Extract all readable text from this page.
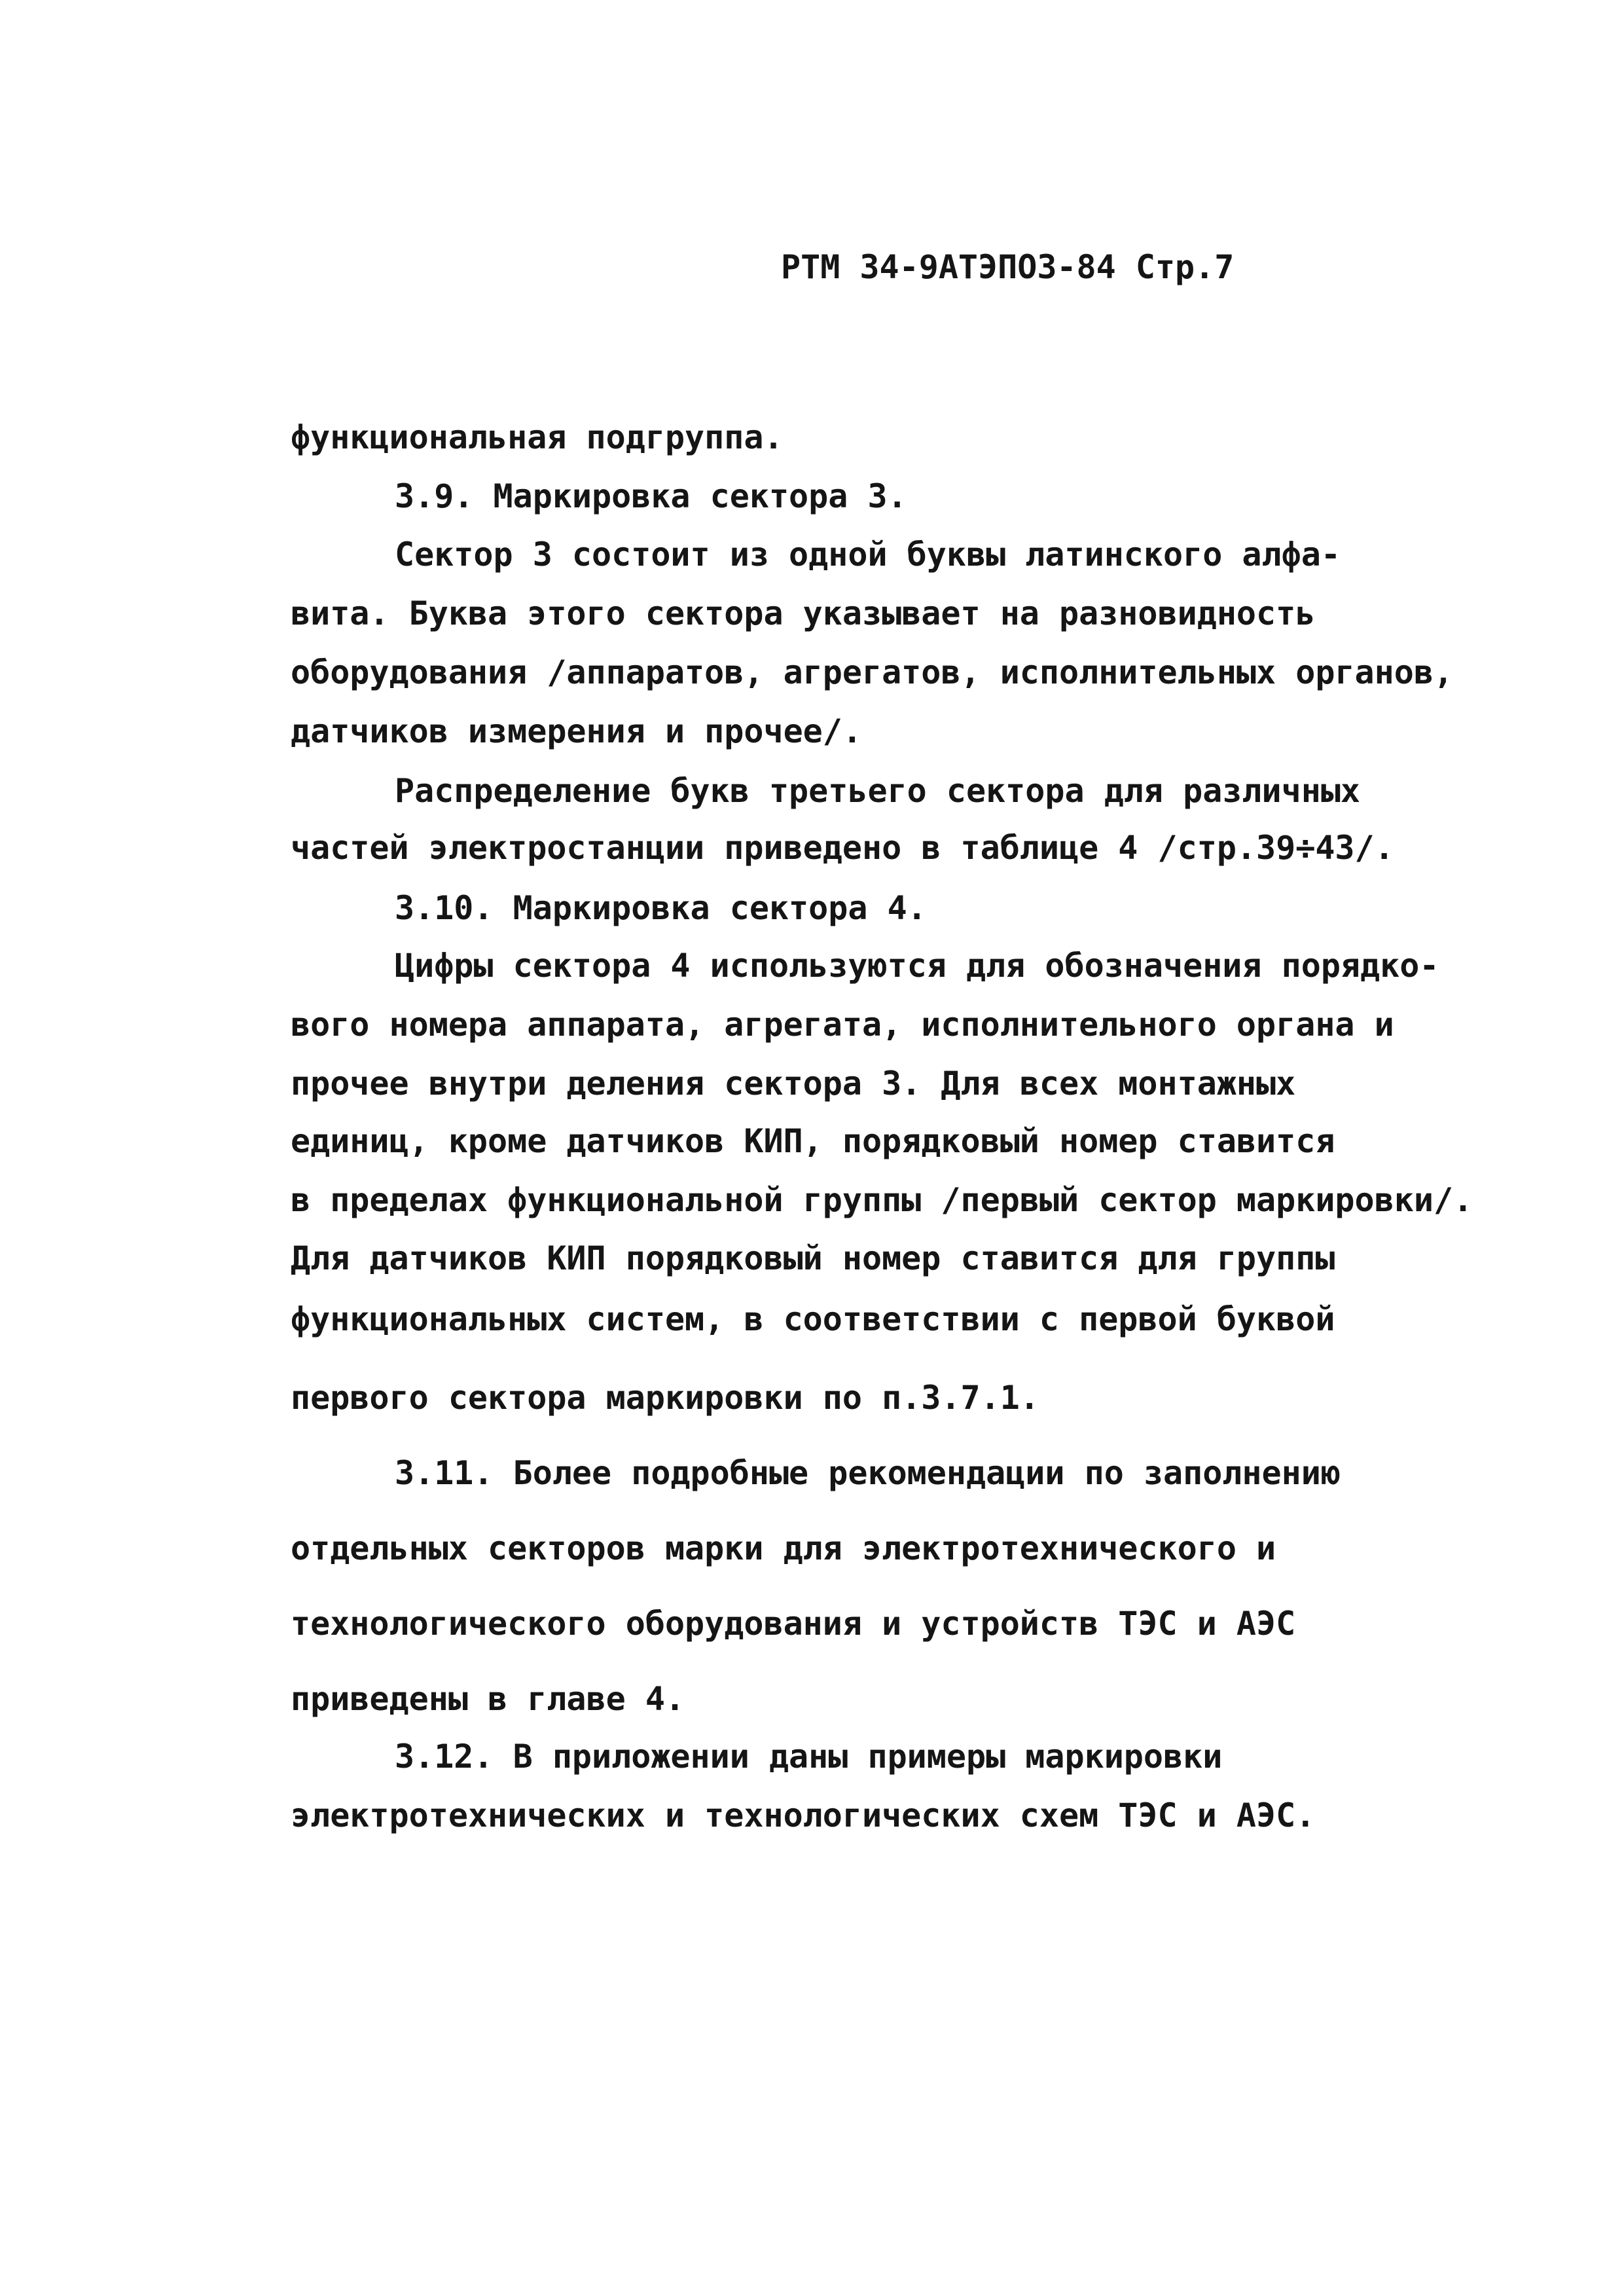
РТМ 34-9АТЭПОЗ-84 Стр.7
функциональная подгруппа.
3.9. Маркировка сектора 3.
Сектор 3 состоит из одной буквы латинского алфа-
вита. Буква этого сектора указывает на разновидность
оборудования /аппаратов, агрегатов, исполнительных органов,
датчиков измерения и прочее/.
Распределение букв третьего сектора для различных
частей электростанции приведено в таблице 4 /стр.39÷43/.
3.10. Маркировка сектора 4.
Цифры сектора 4 используются для обозначения порядко-
вого номера аппарата, агрегата, исполнительного органа и
прочее внутри деления сектора 3. Для всех монтажных
единиц, кроме датчиков КИП, порядковый номер ставится
в пределах функциональной группы /первый сектор маркировки/.
Для датчиков КИП порядковый номер ставится для группы
функциональных систем, в соответствии с первой буквой
первого сектора маркировки по п.3.7.1.
3.11. Более подробные рекомендации по заполнению
отдельных секторов марки для электротехнического и
технологического оборудования и устройств ТЭС и АЭС
приведены в главе 4.
3.12. В приложении даны примеры маркировки
электротехнических и технологических схем ТЭС и АЭС.
